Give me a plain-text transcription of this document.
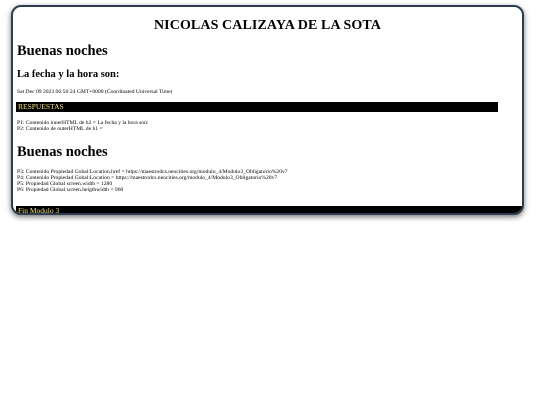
NICOLAS CALIZAYA DE LA SOTA
Buenas noches
La fecha y la hora son:
Sat Dec 09 2023 06:56:24 GMT+0000 (Coordinated Universal Time)
RESPUESTAS
P1: Contenido innerHTML de h2 = La fecha y la hora son:
P2: Contenido de outerHTML de h1 =
Buenas noches
P3: Contenido Propiedad Gobal:Location.href = https://maestrodcs.neocities.org/modulo_4/Modulo3_Obligatorio%20v7
P4: Contenido Propiedad Gobal:Location = https://maestrodcs.neocities.org/modulo_4/Modulo3_Obligatorio%20v7
P5: Propiedad Global screen.width = 1280
P6: Propiedad Global screen.heigthwidth = 960
Fin Modulo 3
